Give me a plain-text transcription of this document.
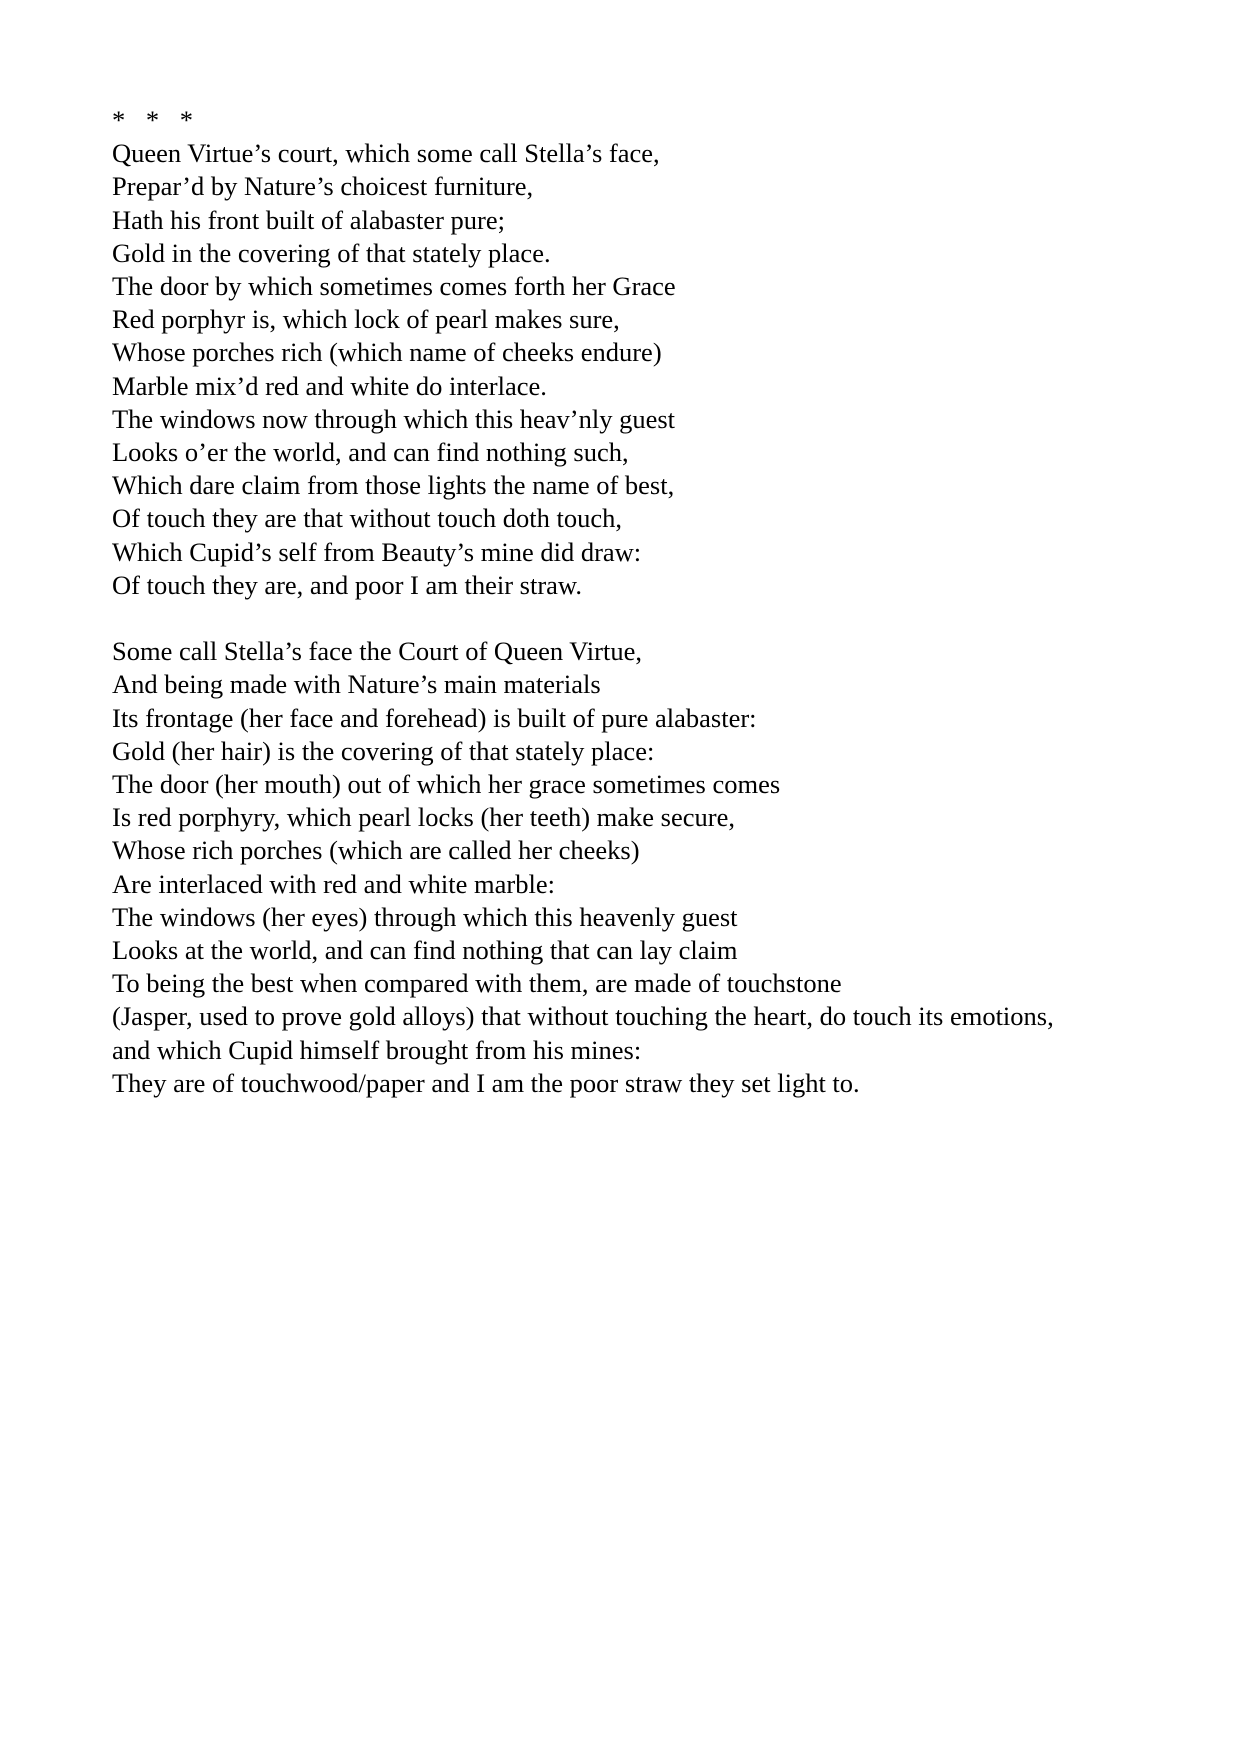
* * *
Queen Virtue’s court, which some call Stella’s face,
Prepar’d by Nature’s choicest furniture,
Hath his front built of alabaster pure;
Gold in the covering of that stately place.
The door by which sometimes comes forth her Grace
Red porphyr is, which lock of pearl makes sure,
Whose porches rich (which name of cheeks endure)
Marble mix’d red and white do interlace.
The windows now through which this heav’nly guest
Looks o’er the world, and can find nothing such,
Which dare claim from those lights the name of best,
Of touch they are that without touch doth touch,
Which Cupid’s self from Beauty’s mine did draw:
Of touch they are, and poor I am their straw.
Some call Stella’s face the Court of Queen Virtue,
And being made with Nature’s main materials
Its frontage (her face and forehead) is built of pure alabaster:
Gold (her hair) is the covering of that stately place:
The door (her mouth) out of which her grace sometimes comes
Is red porphyry, which pearl locks (her teeth) make secure,
Whose rich porches (which are called her cheeks)
Are interlaced with red and white marble:
The windows (her eyes) through which this heavenly guest
Looks at the world, and can find nothing that can lay claim
To being the best when compared with them, are made of touchstone
(Jasper, used to prove gold alloys) that without touching the heart, do touch its emotions,
and which Cupid himself brought from his mines:
They are of touchwood/paper and I am the poor straw they set light to.
